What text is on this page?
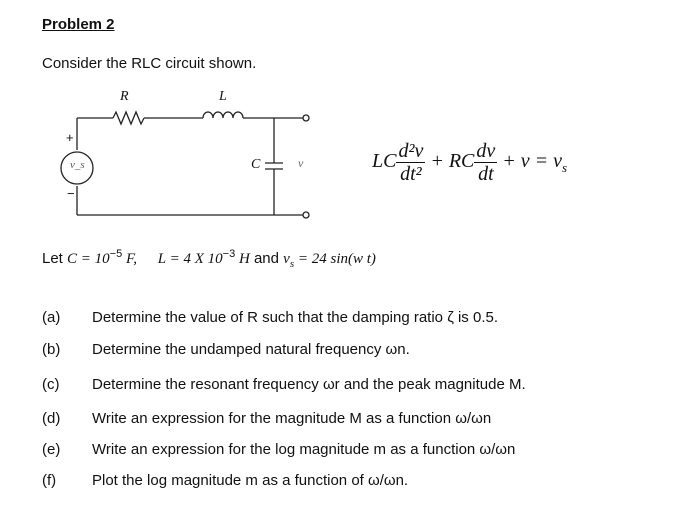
Problem 2
Consider the RLC circuit shown.
R	L
C	v
+
−
v_s	LC $\frac{\text{d²v}}{\text{dt²}}$ + RC $\frac{dv}{dt} + v = v_s$
Let $C = 10^{-5}$ F, L = 4 X $10^{-3}$ H and $v_s = 24$ sin(w t)
(a) Determine the value of R such that the damping ratio ζ is 0.5.
(b) Determine the undamped natural frequency ωn.
(c) Determine the resonant frequency ωr and the peak magnitude M.
(d) Write an expression for the magnitude M as a function ω/ωn
(e) Write an expression for the log magnitude m as a function ω/ωn
(f) Plot the log magnitude m as a function of ω/ωn.
